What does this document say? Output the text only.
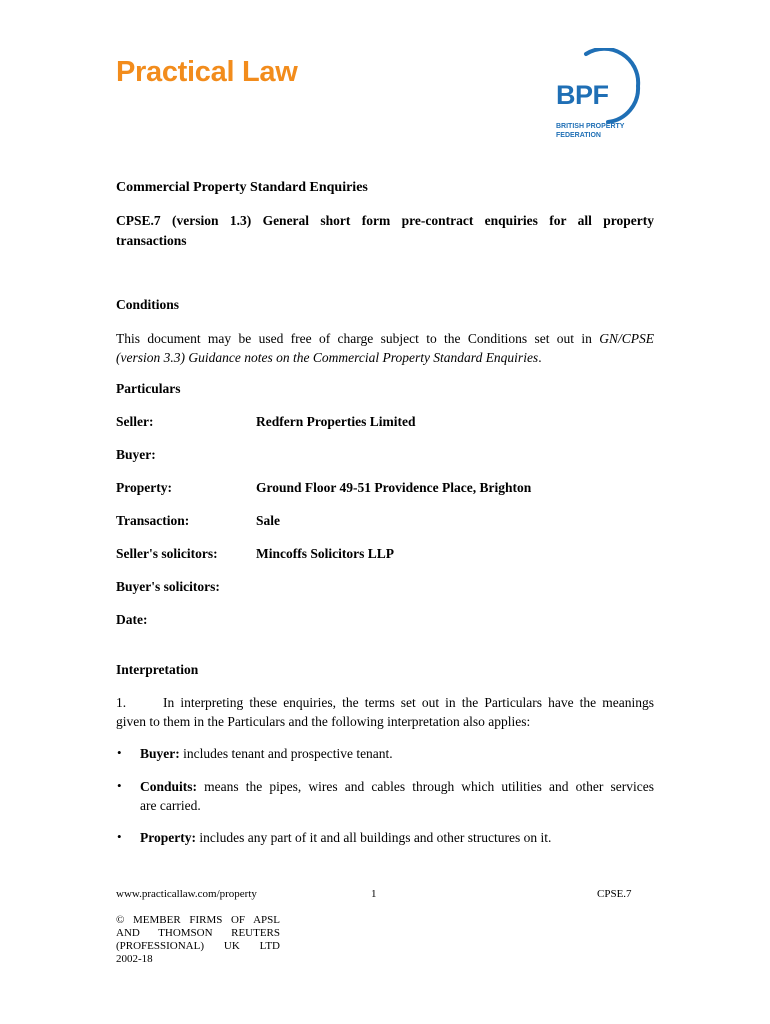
Practical Law
BPF
BRITISH PROPERTY
FEDERATION
Commercial Property Standard Enquiries
CPSE.7 (version 1.3) General short form pre-contract enquiries for all property
transactions
Conditions
This document may be used free of charge subject to the Conditions set out in GN/CPSE
(version 3.3) Guidance notes on the Commercial Property Standard Enquiries.
Particulars
Seller:	Redfern Properties Limited
Buyer:
Property:	Ground Floor 49-51 Providence Place, Brighton
Transaction:	Sale
Seller's solicitors:	Mincoffs Solicitors LLP
Buyer's solicitors:
Date:
Interpretation
1.	In interpreting these enquiries, the terms set out in the Particulars have the meanings
given to them in the Particulars and the following interpretation also applies:
• Buyer: includes tenant and prospective tenant.
• Conduits: means the pipes, wires and cables through which utilities and other services
are carried.
• Property: includes any part of it and all buildings and other structures on it.
www.practicallaw.com/property	1	CPSE.7
© MEMBER FIRMS OF APSL
AND THOMSON REUTERS
(PROFESSIONAL) UK LTD
2002-18
